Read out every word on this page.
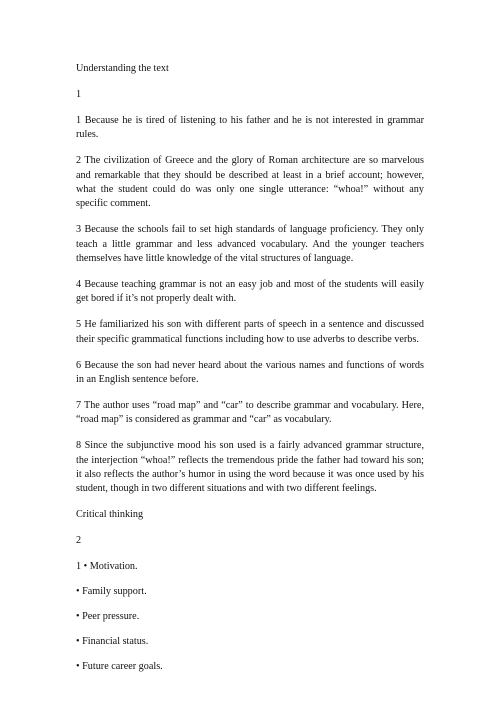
Understanding the text

1

1 Because he is tired of listening to his father and he is not interested in grammar rules.

2 The civilization of Greece and the glory of Roman architecture are so marvelous and remarkable that they should be described at least in a brief account; however, what the student could do was only one single utterance: “whoa!” without any specific comment.

3 Because the schools fail to set high standards of language proficiency. They only teach a little grammar and less advanced vocabulary. And the younger teachers themselves have little knowledge of the vital structures of language.

4 Because teaching grammar is not an easy job and most of the students will easily get bored if it’s not properly dealt with.

5 He familiarized his son with different parts of speech in a sentence and discussed their specific grammatical functions including how to use adverbs to describe verbs.

6 Because the son had never heard about the various names and functions of words in an English sentence before.

7 The author uses “road map” and “car” to describe grammar and vocabulary. Here, “road map” is considered as grammar and “car” as vocabulary.

8 Since the subjunctive mood his son used is a fairly advanced grammar structure, the interjection “whoa!” reflects the tremendous pride the father had toward his son; it also reflects the author’s humor in using the word because it was once used by his student, though in two different situations and with two different feelings.

Critical thinking

2

1 • Motivation.

• Family support.

• Peer pressure.

• Financial status.

• Future career goals.
